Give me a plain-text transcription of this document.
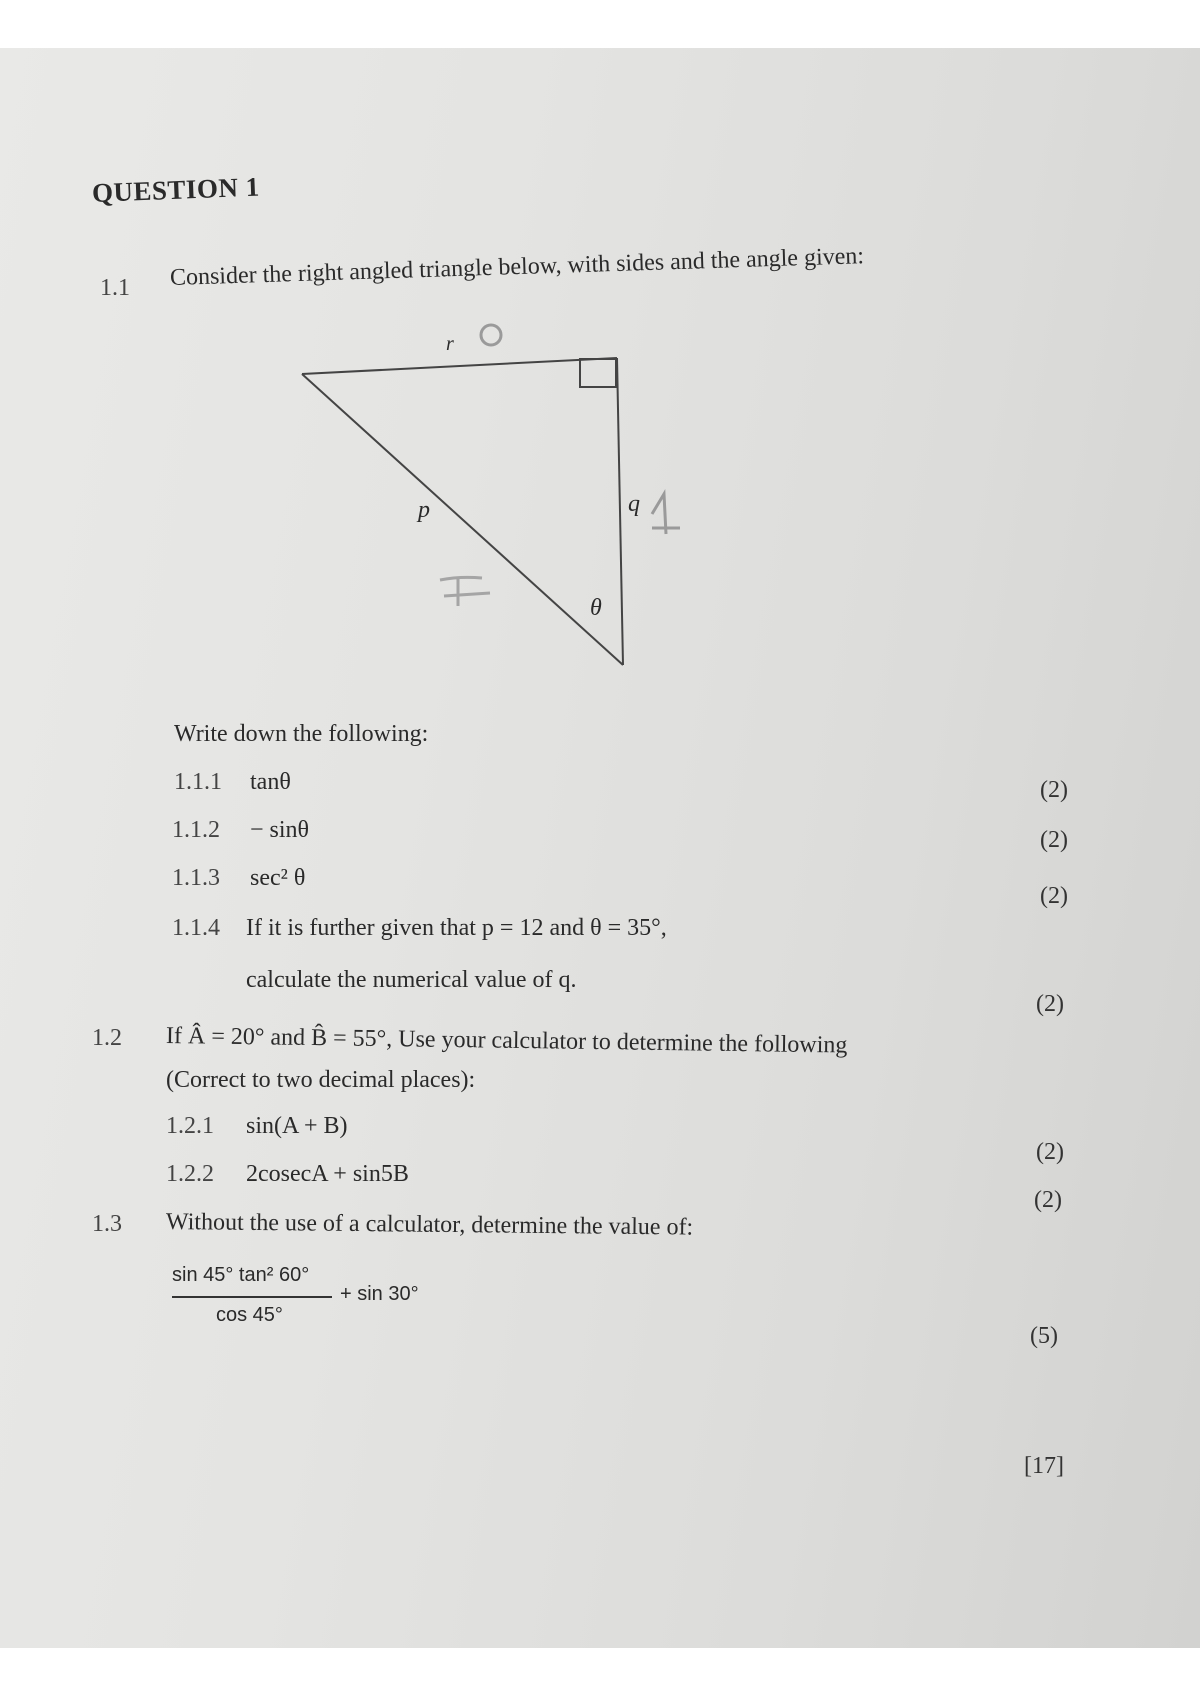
QUESTION 1
1.1 Consider the right angled triangle below, with sides and the angle given:
r
p	q
θ
Write down the following:
1.1.1 tanθ	(2)
1.1.2 − sinθ	(2)
1.1.3 sec² θ
(2)
1.1.4 If it is further given that p = 12 and θ = 35°,
calculate the numerical value of q.
(2)
1.2 If Â = 20° and B̂ = 55°, Use your calculator to determine the following
(Correct to two decimal places):
1.2.1 sin(A + B)
(2)
1.2.2 2cosecA + sin5B
(2)
1.3 Without the use of a calculator, determine the value of:
sin 45° tan² 60°
cos 45°
+ sin 30°
(5)
[17]
